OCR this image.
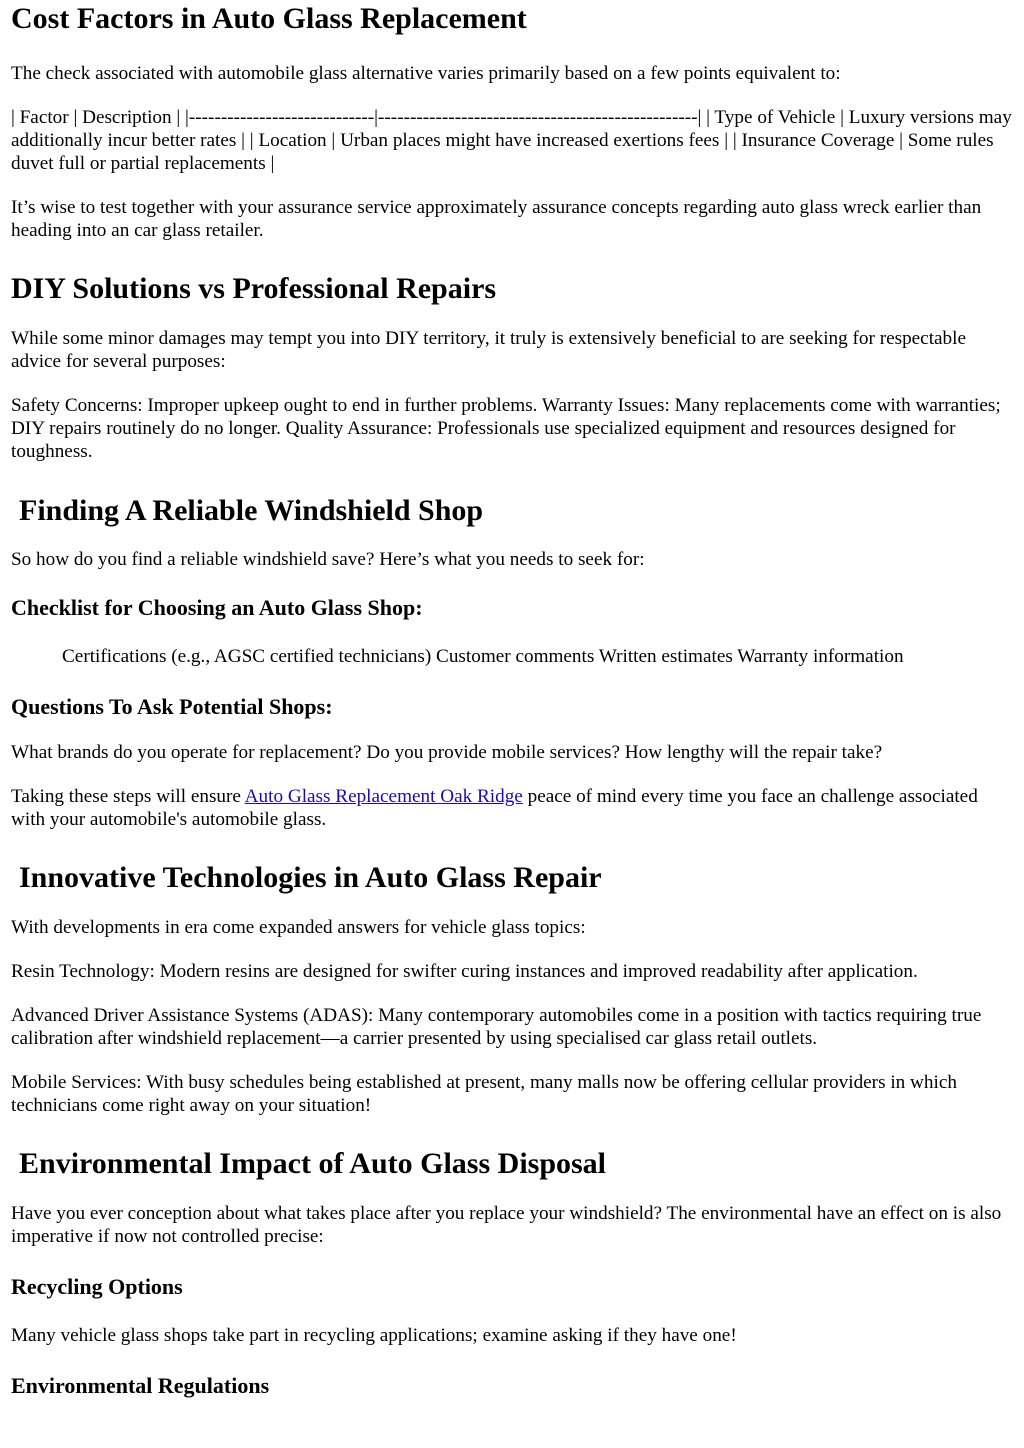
Cost Factors in Auto Glass Replacement

The check associated with automobile glass alternative varies primarily based on a few points equivalent to:

| Factor | Description | |-----------------------------|--------------------------------------------------| | Type of Vehicle | Luxury versions may additionally incur better rates | | Location | Urban places might have increased exertions fees | | Insurance Coverage | Some rules duvet full or partial replacements |

It’s wise to test together with your assurance service approximately assurance concepts regarding auto glass wreck earlier than heading into an car glass retailer.

DIY Solutions vs Professional Repairs

While some minor damages may tempt you into DIY territory, it truly is extensively beneficial to are seeking for respectable advice for several purposes:

Safety Concerns: Improper upkeep ought to end in further problems. Warranty Issues: Many replacements come with warranties; DIY repairs routinely do no longer. Quality Assurance: Professionals use specialized equipment and resources designed for toughness.

Finding A Reliable Windshield Shop

So how do you find a reliable windshield save? Here’s what you needs to seek for:

Checklist for Choosing an Auto Glass Shop:

Certifications (e.g., AGSC certified technicians) Customer comments Written estimates Warranty information

Questions To Ask Potential Shops:

What brands do you operate for replacement? Do you provide mobile services? How lengthy will the repair take?

Taking these steps will ensure Auto Glass Replacement Oak Ridge peace of mind every time you face an challenge associated with your automobile's automobile glass.

Innovative Technologies in Auto Glass Repair

With developments in era come expanded answers for vehicle glass topics:

Resin Technology: Modern resins are designed for swifter curing instances and improved readability after application.

Advanced Driver Assistance Systems (ADAS): Many contemporary automobiles come in a position with tactics requiring true calibration after windshield replacement—a carrier presented by using specialised car glass retail outlets.

Mobile Services: With busy schedules being established at present, many malls now be offering cellular providers in which technicians come right away on your situation!

Environmental Impact of Auto Glass Disposal

Have you ever conception about what takes place after you replace your windshield? The environmental have an effect on is also imperative if now not controlled precise:

Recycling Options

Many vehicle glass shops take part in recycling applications; examine asking if they have one!

Environmental Regulations
